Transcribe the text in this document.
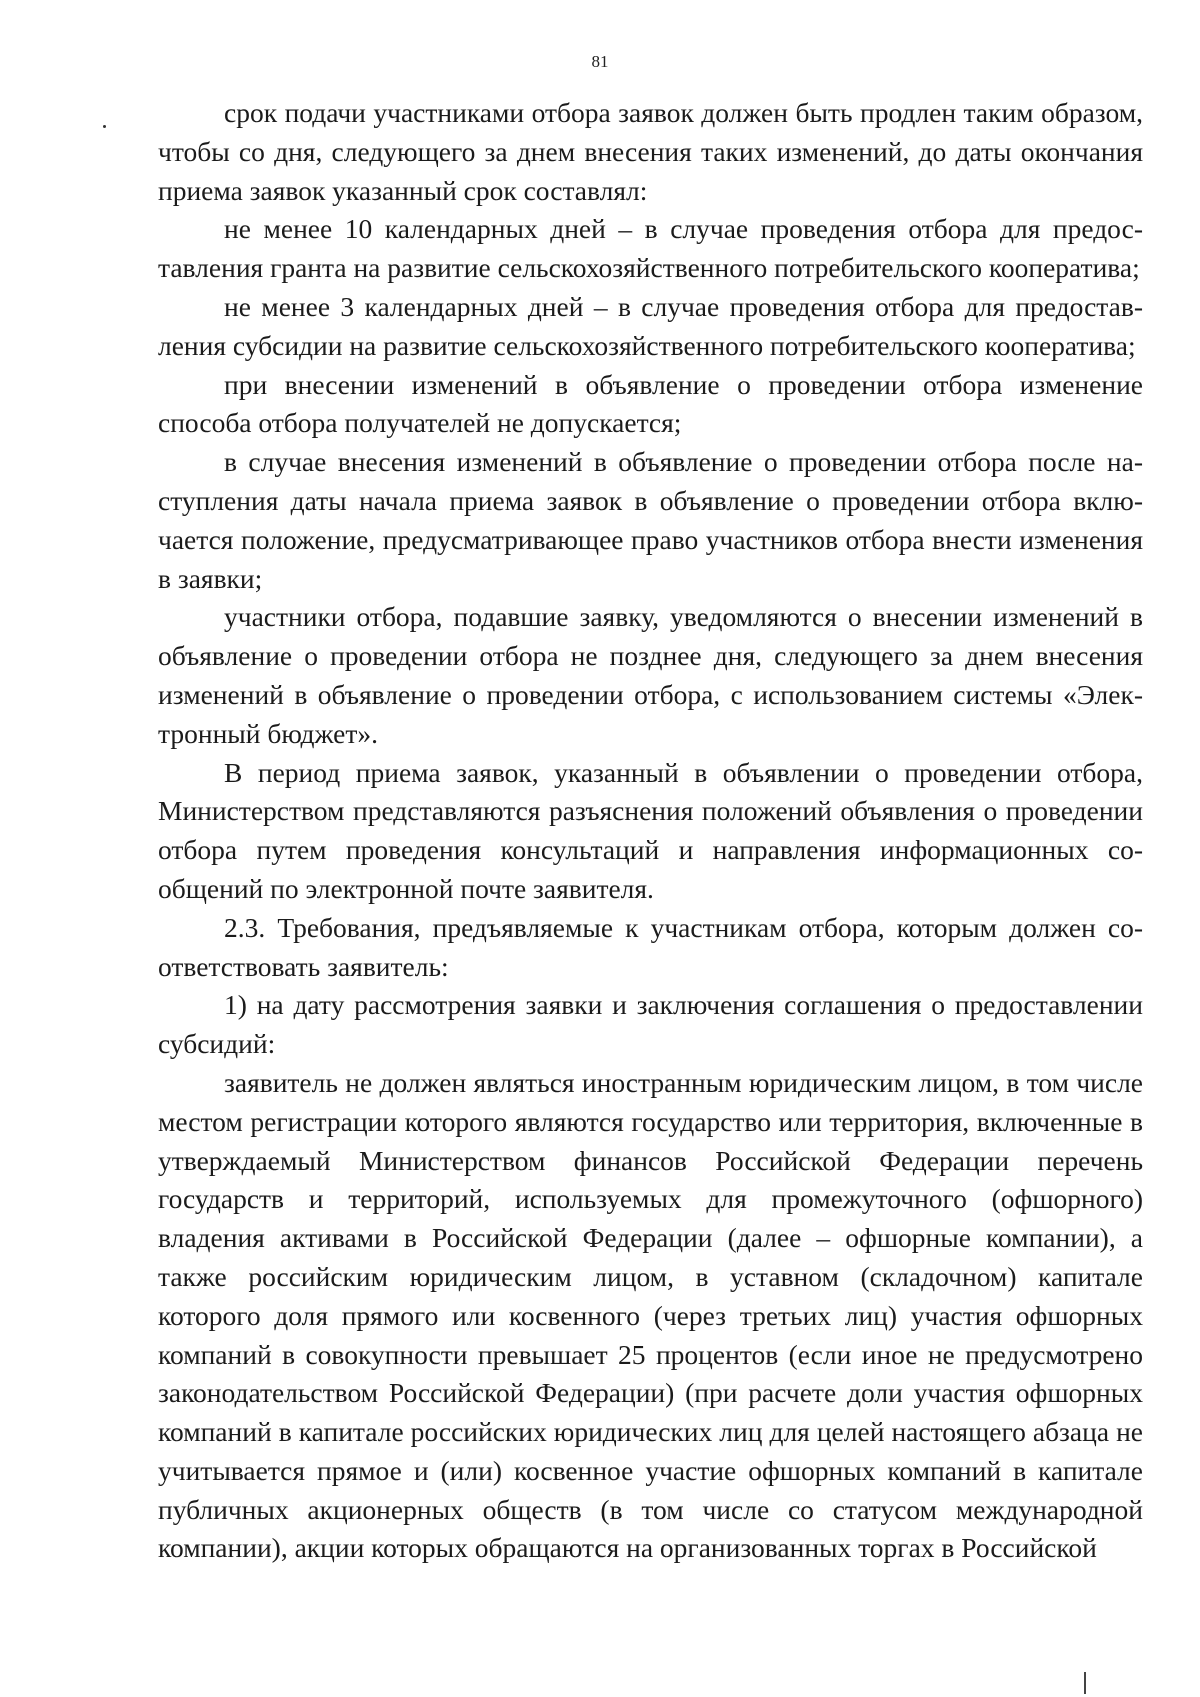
81

срок подачи участниками отбора заявок должен быть продлен таким образом, чтобы со дня, следующего за днем внесения таких изменений, до даты окончания приема заявок указанный срок составлял:

не менее 10 календарных дней – в случае проведения отбора для предоставления гранта на развитие сельскохозяйственного потребительского кооператива;

не менее 3 календарных дней – в случае проведения отбора для предоставления субсидии на развитие сельскохозяйственного потребительского кооператива;

при внесении изменений в объявление о проведении отбора изменение способа отбора получателей не допускается;

в случае внесения изменений в объявление о проведении отбора после наступления даты начала приема заявок в объявление о проведении отбора включается положение, предусматривающее право участников отбора внести изменения в заявки;

участники отбора, подавшие заявку, уведомляются о внесении изменений в объявление о проведении отбора не позднее дня, следующего за днем внесения изменений в объявление о проведении отбора, с использованием системы «Электронный бюджет».

В период приема заявок, указанный в объявлении о проведении отбора, Министерством представляются разъяснения положений объявления о проведении отбора путем проведения консультаций и направления информационных сообщений по электронной почте заявителя.

2.3. Требования, предъявляемые к участникам отбора, которым должен соответствовать заявитель:

1) на дату рассмотрения заявки и заключения соглашения о предоставлении субсидий:

заявитель не должен являться иностранным юридическим лицом, в том числе местом регистрации которого являются государство или территория, включенные в утверждаемый Министерством финансов Российской Федерации перечень государств и территорий, используемых для промежуточного (офшорного) владения активами в Российской Федерации (далее – офшорные компании), а также российским юридическим лицом, в уставном (складочном) капитале которого доля прямого или косвенного (через третьих лиц) участия офшорных компаний в совокупности превышает 25 процентов (если иное не предусмотрено законодательством Российской Федерации) (при расчете доли участия офшорных компаний в капитале российских юридических лиц для целей настоящего абзаца не учитывается прямое и (или) косвенное участие офшорных компаний в капитале публичных акционерных обществ (в том числе со статусом международной компании), акции которых обращаются на организованных торгах в Российской
